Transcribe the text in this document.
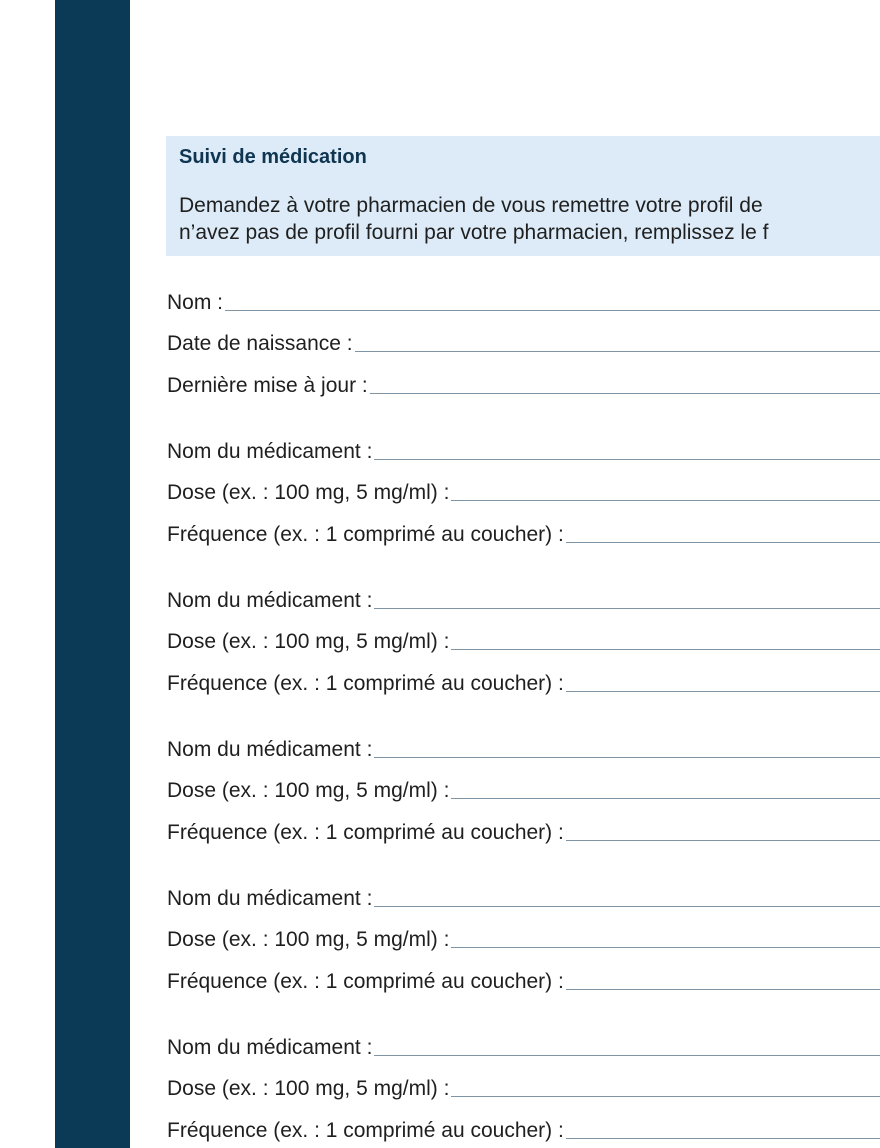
Suivi de médication
Demandez à votre pharmacien de vous remettre votre profil de
n’avez pas de profil fourni par votre pharmacien, remplissez le f
Nom :
Date de naissance :
Dernière mise à jour :
Nom du médicament :
Dose (ex. : 100 mg, 5 mg/ml) :
Fréquence (ex. : 1 comprimé au coucher) :
Nom du médicament :
Dose (ex. : 100 mg, 5 mg/ml) :
Fréquence (ex. : 1 comprimé au coucher) :
Nom du médicament :
Dose (ex. : 100 mg, 5 mg/ml) :
Fréquence (ex. : 1 comprimé au coucher) :
Nom du médicament :
Dose (ex. : 100 mg, 5 mg/ml) :
Fréquence (ex. : 1 comprimé au coucher) :
Nom du médicament :
Dose (ex. : 100 mg, 5 mg/ml) :
Fréquence (ex. : 1 comprimé au coucher) :
